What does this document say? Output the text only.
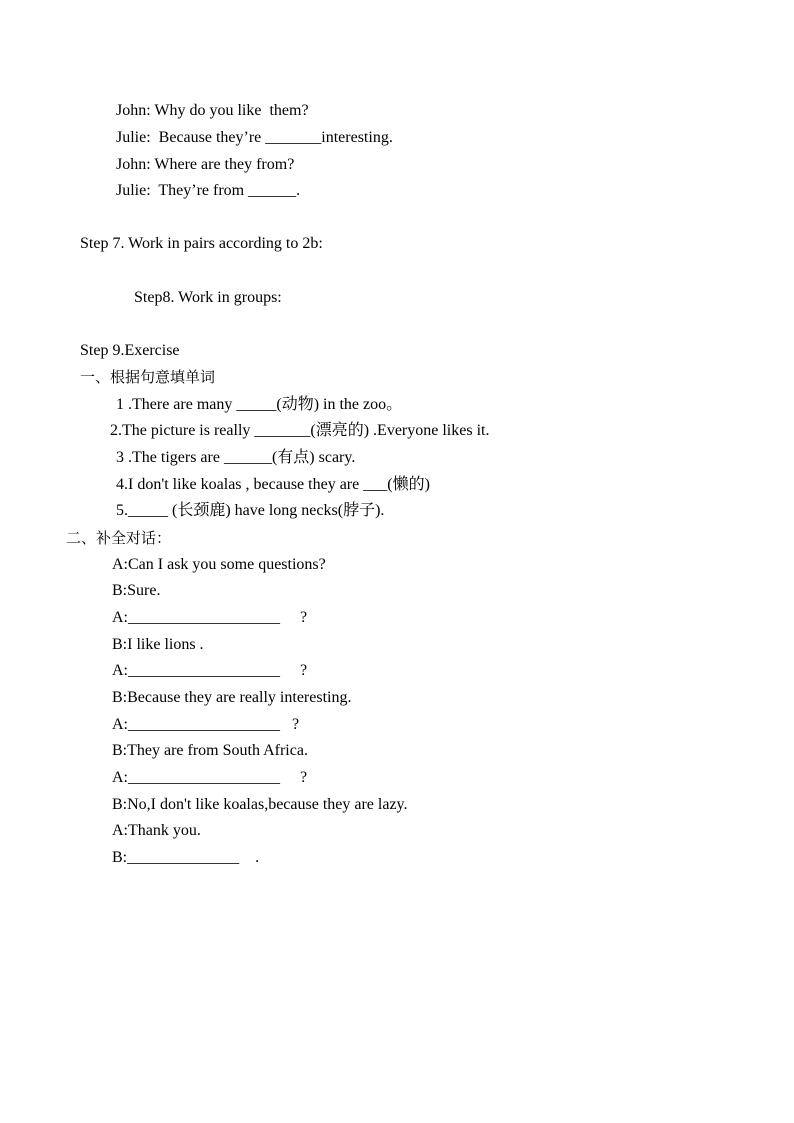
John: Why do you like  them?
Julie:  Because they’re _______interesting.
John: Where are they from?
Julie:  They’re from ______.
Step 7. Work in pairs according to 2b:
Step8. Work in groups:
Step 9.Exercise
一、根据句意填单词
1 .There are many _____(动物) in the zoo。
2.The picture is really _______(漂亮的) .Everyone likes it.
3 .The tigers are ______(有点) scary.
4.I don't like koalas , because they are ___(懒的)
5._____ (长颈鹿) have long necks(脖子).
二、补全对话：
A:Can I ask you some questions?
B:Sure.
A:___________________     ?
B:I like lions .
A:___________________     ?
B:Because they are really interesting.
A:___________________   ?
B:They are from South Africa.
A:___________________     ?
B:No,I don't like koalas,because they are lazy.
A:Thank you.
B:______________    .
